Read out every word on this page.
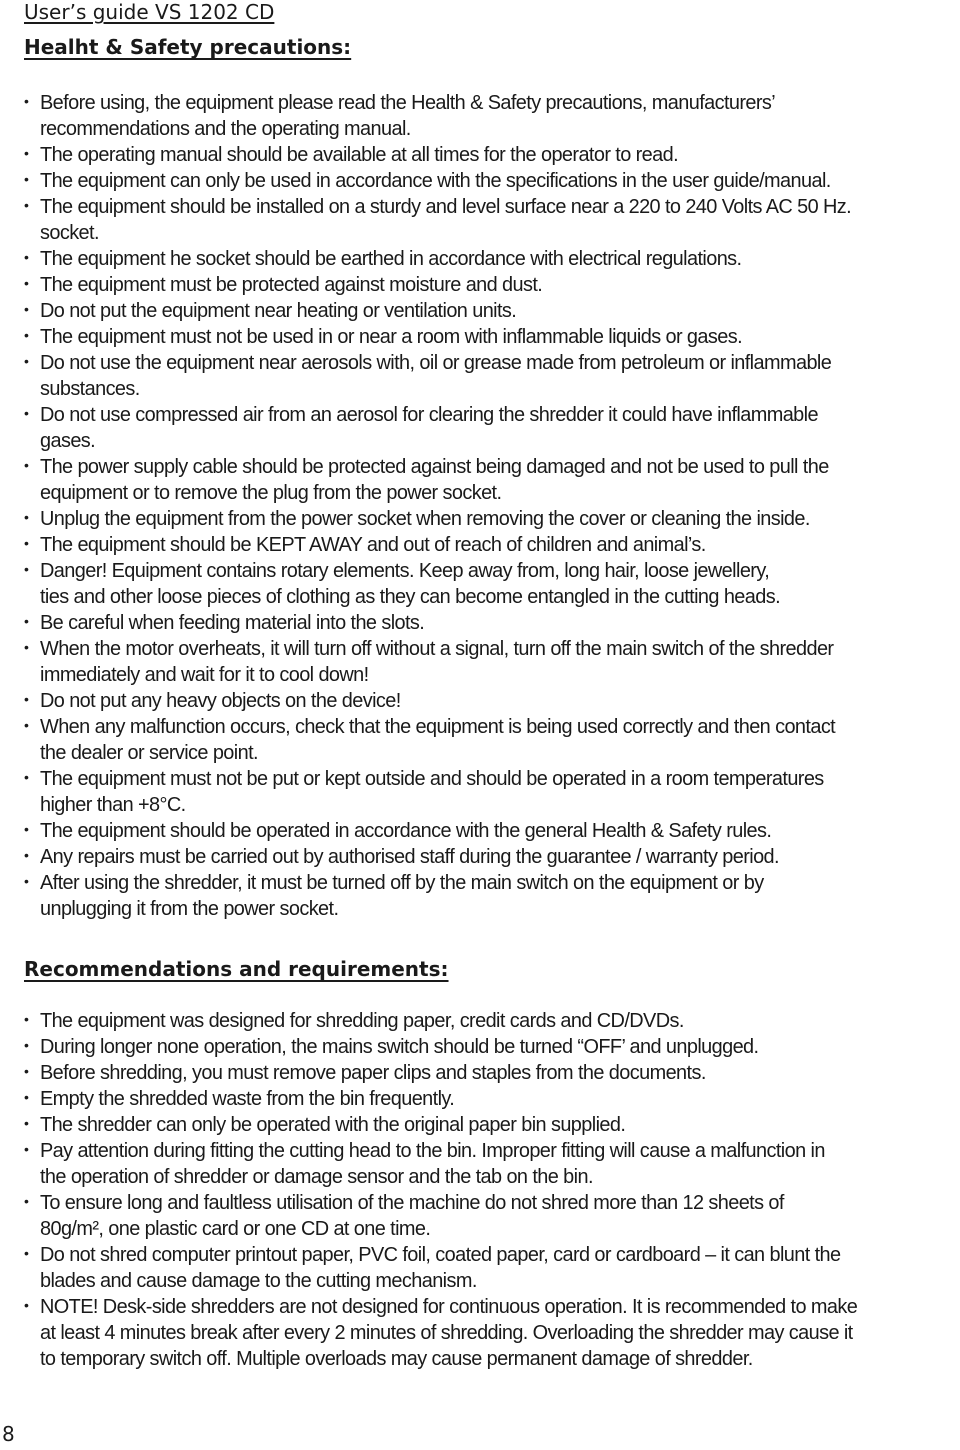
User’s guide VS 1202 CD
Healht & Safety precautions:
• Before using, the equipment please read the Health & Safety precautions, manufacturers’
recommendations and the operating manual.
• The operating manual should be available at all times for the operator to read.
• The equipment can only be used in accordance with the specifications in the user guide/manual.
• The equipment should be installed on a sturdy and level surface near a 220 to 240 Volts AC 50 Hz.
socket.
• The equipment he socket should be earthed in accordance with electrical regulations.
• The equipment must be protected against moisture and dust.
• Do not put the equipment near heating or ventilation units.
• The equipment must not be used in or near a room with inflammable liquids or gases.
• Do not use the equipment near aerosols with, oil or grease made from petroleum or inflammable
substances.
• Do not use compressed air from an aerosol for clearing the shredder it could have inflammable
gases.
• The power supply cable should be protected against being damaged and not be used to pull the
equipment or to remove the plug from the power socket.
• Unplug the equipment from the power socket when removing the cover or cleaning the inside.
• The equipment should be KEPT AWAY and out of reach of children and animal’s.
• Danger! Equipment contains rotary elements. Keep away from, long hair, loose jewellery,
ties and other loose pieces of clothing as they can become entangled in the cutting heads.
• Be careful when feeding material into the slots.
• When the motor overheats, it will turn off without a signal, turn off the main switch of the shredder
immediately and wait for it to cool down!
• Do not put any heavy objects on the device!
• When any malfunction occurs, check that the equipment is being used correctly and then contact
the dealer or service point.
• The equipment must not be put or kept outside and should be operated in a room temperatures
higher than +8°C.
• The equipment should be operated in accordance with the general Health & Safety rules.
• Any repairs must be carried out by authorised staff during the guarantee / warranty period.
• After using the shredder, it must be turned off by the main switch on the equipment or by
unplugging it from the power socket.
Recommendations and requirements:
• The equipment was designed for shredding paper, credit cards and CD/DVDs.
• During longer none operation, the mains switch should be turned “OFF’ and unplugged.
• Before shredding, you must remove paper clips and staples from the documents.
• Empty the shredded waste from the bin frequently.
• The shredder can only be operated with the original paper bin supplied.
• Pay attention during fitting the cutting head to the bin. Improper fitting will cause a malfunction in
the operation of shredder or damage sensor and the tab on the bin.
• To ensure long and faultless utilisation of the machine do not shred more than 12 sheets of
80g/m², one plastic card or one CD at one time.
• Do not shred computer printout paper, PVC foil, coated paper, card or cardboard – it can blunt the
blades and cause damage to the cutting mechanism.
• NOTE! Desk-side shredders are not designed for continuous operation. It is recommended to make
at least 4 minutes break after every 2 minutes of shredding. Overloading the shredder may cause it
to temporary switch off. Multiple overloads may cause permanent damage of shredder.
8
